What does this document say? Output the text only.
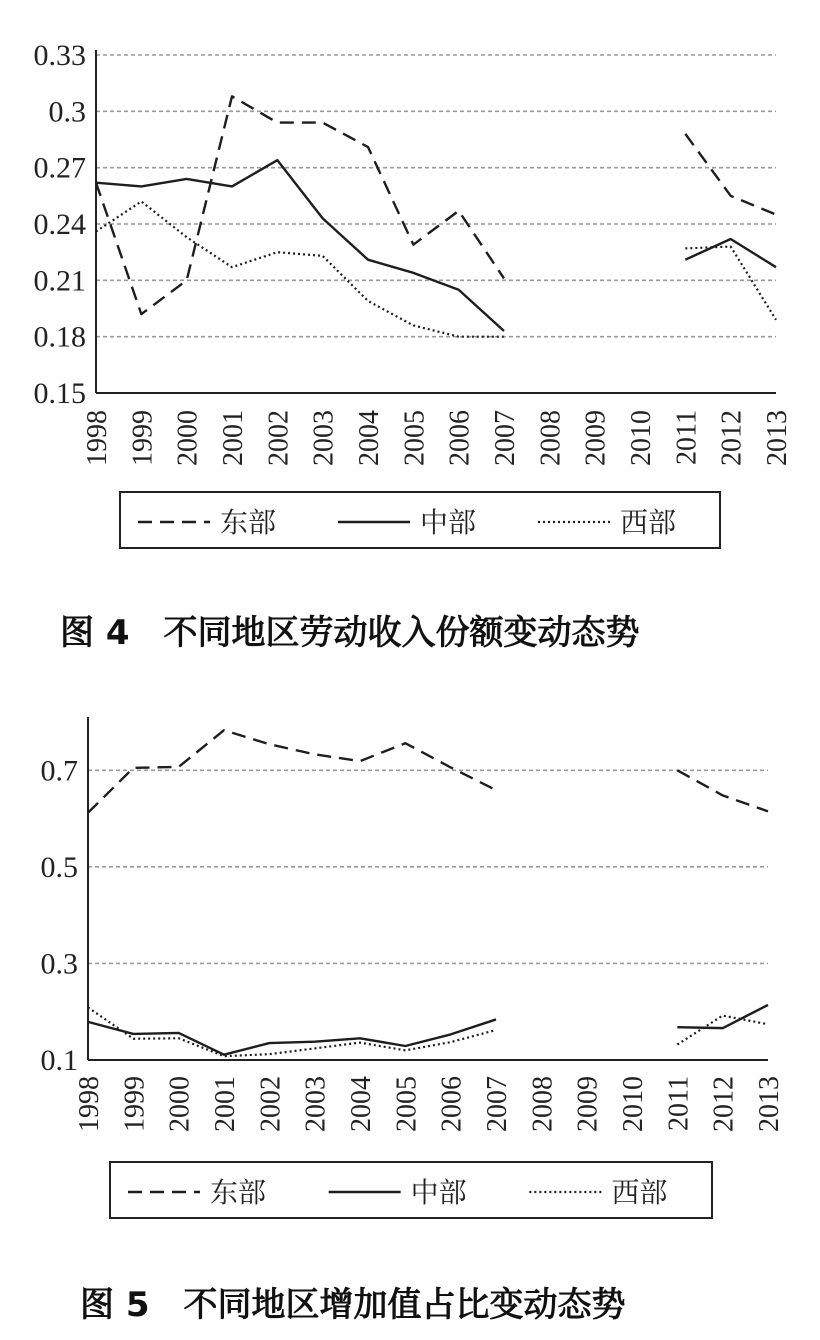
0.15
0.18
0.21
0.24
0.27
0.3
0.33
1998 1999 2000 2001 2002 2003 2004 2005 2006 2007 2008 2009 2010 2011 2012 2013
东部	中部	西部
0.1
0.3
0.5
0.7
1998 1999 2000 2001 2002 2003 2004 2005 2006 2007 2008 2009 2010 2011 2012 2013
东部	中部	西部
图 4　不同地区劳动收入份额变动态势
图 5　不同地区增加值占比变动态势
